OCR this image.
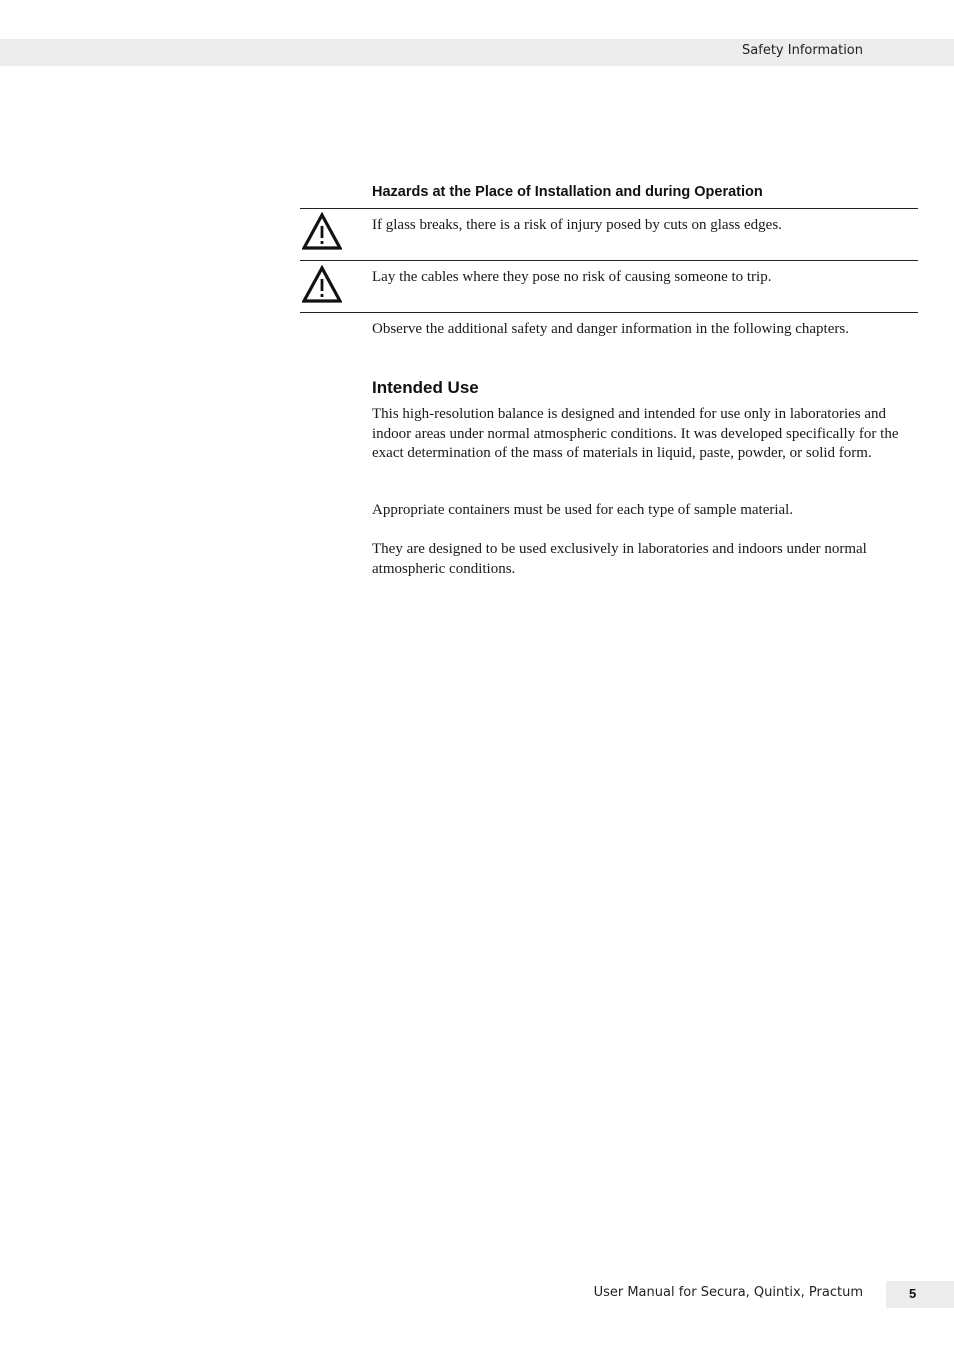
Safety Information
Hazards at the Place of Installation and during Operation
If glass breaks, there is a risk of injury posed by cuts on glass edges.
Lay the cables where they pose no risk of causing someone to trip.
Observe the additional safety and danger information in the following chapters.
Intended Use
This high-resolution balance is designed and intended for use only in laboratories and indoor areas under normal atmospheric conditions. It was developed specifically for the exact determination of the mass of materials in liquid, paste, powder, or solid form.
Appropriate containers must be used for each type of sample material.
They are designed to be used exclusively in laboratories and indoors under normal atmospheric conditions.
User Manual for Secura, Quintix, Practum	5
